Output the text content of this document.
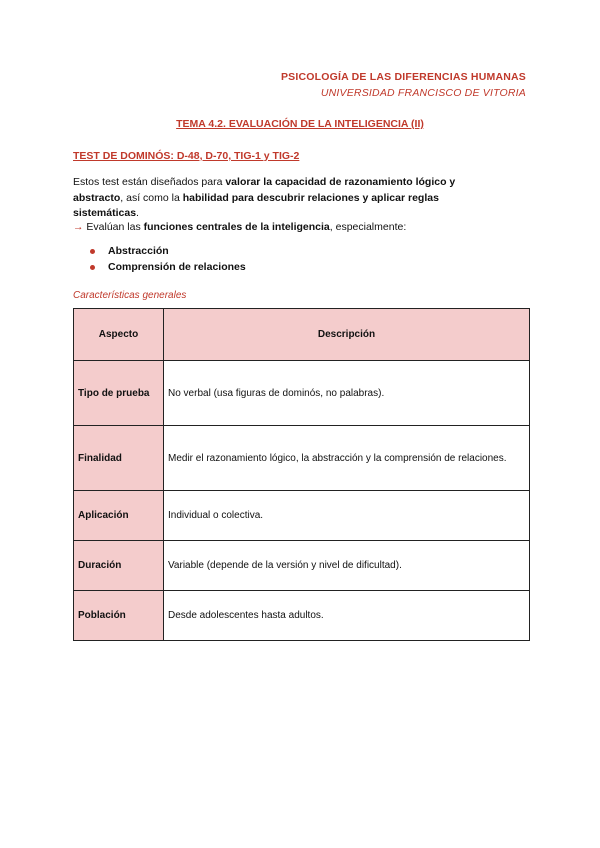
PSICOLOGÍA DE LAS DIFERENCIAS HUMANAS
UNIVERSIDAD FRANCISCO DE VITORIA
TEMA 4.2. EVALUACIÓN DE LA INTELIGENCIA (II)
TEST DE DOMINÓS: D-48, D-70, TIG-1 y TIG-2
Estos test están diseñados para valorar la capacidad de razonamiento lógico y abstracto, así como la habilidad para descubrir relaciones y aplicar reglas sistemáticas.
→ Evalúan las funciones centrales de la inteligencia, especialmente:
Abstracción
Comprensión de relaciones
Características generales
Aspecto	Descripción
Tipo de prueba	No verbal (usa figuras de dominós, no palabras).
Finalidad	Medir el razonamiento lógico, la abstracción y la comprensión de relaciones.
Aplicación	Individual o colectiva.
Duración	Variable (depende de la versión y nivel de dificultad).
Población	Desde adolescentes hasta adultos.
